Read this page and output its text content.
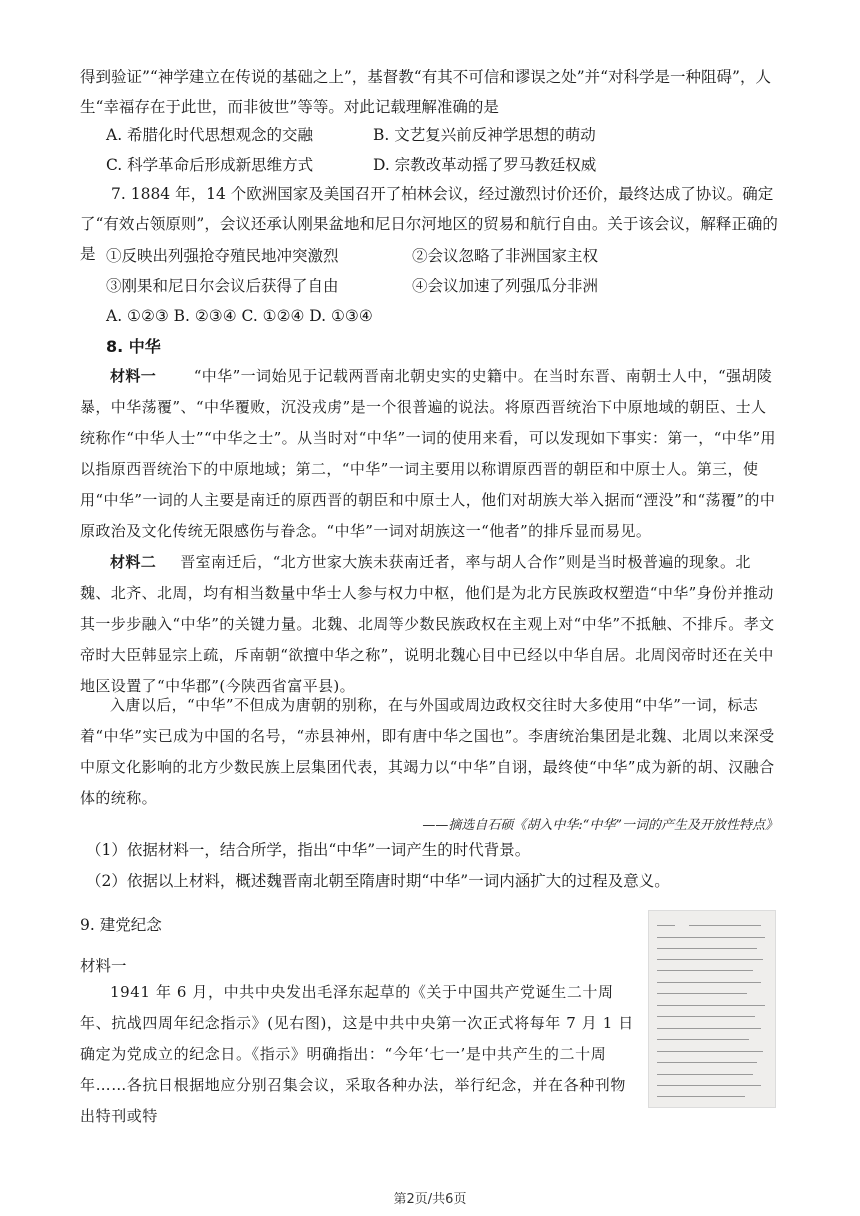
得到验证”“神学建立在传说的基础之上”，基督教“有其不可信和谬误之处”并“对科学是一种阻碍”，人生“幸福存在于此世，而非彼世”等等。对此记载理解准确的是
A. 希腊化时代思想观念的交融	B. 文艺复兴前反神学思想的萌动
C. 科学革命后形成新思维方式	D. 宗教改革动摇了罗马教廷权威
7. 1884 年，14 个欧洲国家及美国召开了柏林会议，经过激烈讨价还价，最终达成了协议。确定了“有效占领原则”，会议还承认刚果盆地和尼日尔河地区的贸易和航行自由。关于该会议，解释正确的是 ①反映出列强抢夺殖民地冲突激烈	②会议忽略了非洲国家主权
③刚果和尼日尔会议后获得了自由	④会议加速了列强瓜分非洲
A. ①②③ B. ②③④ C. ①②④ D. ①③④
8. 中华
材料一	“中华”一词始见于记载两晋南北朝史实的史籍中。在当时东晋、南朝士人中，“强胡陵暴，中华荡覆”、“中华覆败，沉没戎虏”是一个很普遍的说法。将原西晋统治下中原地域的朝臣、士人统称作“中华人士”“中华之士”。从当时对“中华”一词的使用来看，可以发现如下事实：第一，“中华”用以指原西晋统治下的中原地域；第二，“中华”一词主要用以称谓原西晋的朝臣和中原士人。第三，使用“中华”一词的人主要是南迁的原西晋的朝臣和中原士人，他们对胡族大举入据而“湮没”和“荡覆”的中原政治及文化传统无限感伤与眷念。“中华”一词对胡族这一“他者”的排斥显而易见。
材料二 晋室南迁后，“北方世家大族未获南迁者，率与胡人合作”则是当时极普遍的现象。北魏、北齐、北周，均有相当数量中华士人参与权力中枢，他们是为北方民族政权塑造“中华”身份并推动其一步步融入“中华”的关键力量。北魏、北周等少数民族政权在主观上对“中华”不抵触、不排斥。孝文帝时大臣韩显宗上疏，斥南朝“欲擅中华之称”，说明北魏心目中已经以中华自居。北周闵帝时还在关中地区设置了“中华郡”(今陕西省富平县)。
入唐以后，“中华”不但成为唐朝的别称，在与外国或周边政权交往时大多使用“中华”一词，标志着“中华”实已成为中国的名号，“赤县神州，即有唐中华之国也”。李唐统治集团是北魏、北周以来深受中原文化影响的北方少数民族上层集团代表，其竭力以“中华”自诩，最终使“中华”成为新的胡、汉融合体的统称。
——摘选自石硕《胡入中华:“中华”一词的产生及开放性特点》
（1）依据材料一，结合所学，指出“中华”一词产生的时代背景。
（2）依据以上材料，概述魏晋南北朝至隋唐时期“中华”一词内涵扩大的过程及意义。
9. 建党纪念
材料一
1941 年 6 月，中共中央发出毛泽东起草的《关于中国共产党诞生二十周年、抗战四周年纪念指示》(见右图)，这是中共中央第一次正式将每年 7 月 1 日确定为党成立的纪念日。《指示》明确指出：“今年‘七一’是中共产生的二十周年……各抗日根据地应分别召集会议，采取各种办法，举行纪念，并在各种刊物出特刊或特
第2页/共6页
